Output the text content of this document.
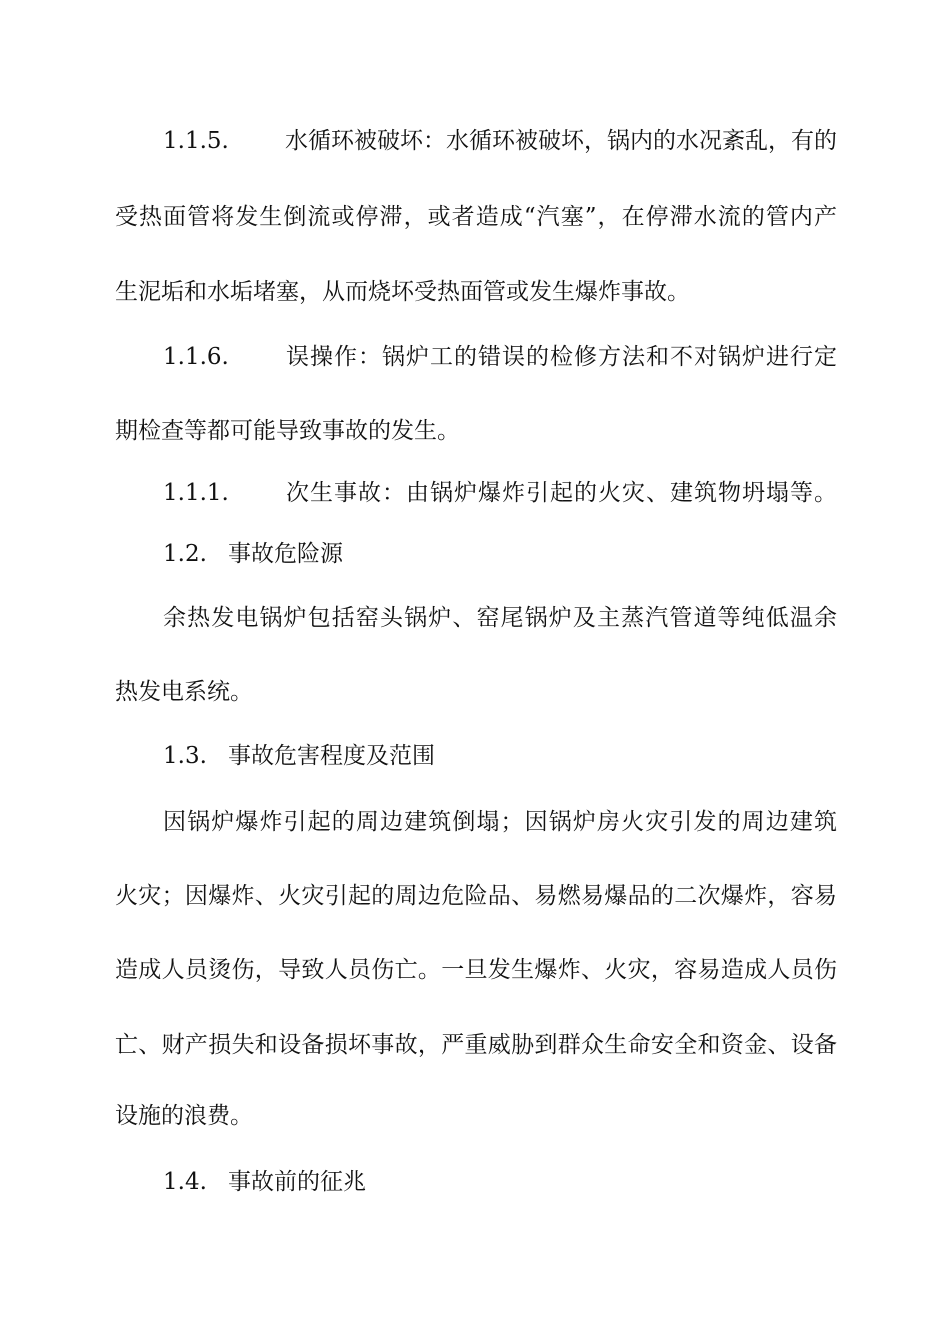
1.1.5. 水循环被破坏：水循环被破坏，锅内的水况紊乱，有的
受热面管将发生倒流或停滞，或者造成“汽塞”，在停滞水流的管内产
生泥垢和水垢堵塞，从而烧坏受热面管或发生爆炸事故。
1.1.6. 误操作：锅炉工的错误的检修方法和不对锅炉进行定
期检查等都可能导致事故的发生。
1.1.1. 次生事故：由锅炉爆炸引起的火灾、建筑物坍塌等。
1.2. 事故危险源
余热发电锅炉包括窑头锅炉、窑尾锅炉及主蒸汽管道等纯低温余
热发电系统。
1.3. 事故危害程度及范围
因锅炉爆炸引起的周边建筑倒塌；因锅炉房火灾引发的周边建筑
火灾；因爆炸、火灾引起的周边危险品、易燃易爆品的二次爆炸，容易
造成人员烫伤，导致人员伤亡。一旦发生爆炸、火灾，容易造成人员伤
亡、财产损失和设备损坏事故，严重威胁到群众生命安全和资金、设备
设施的浪费。
1.4. 事故前的征兆
